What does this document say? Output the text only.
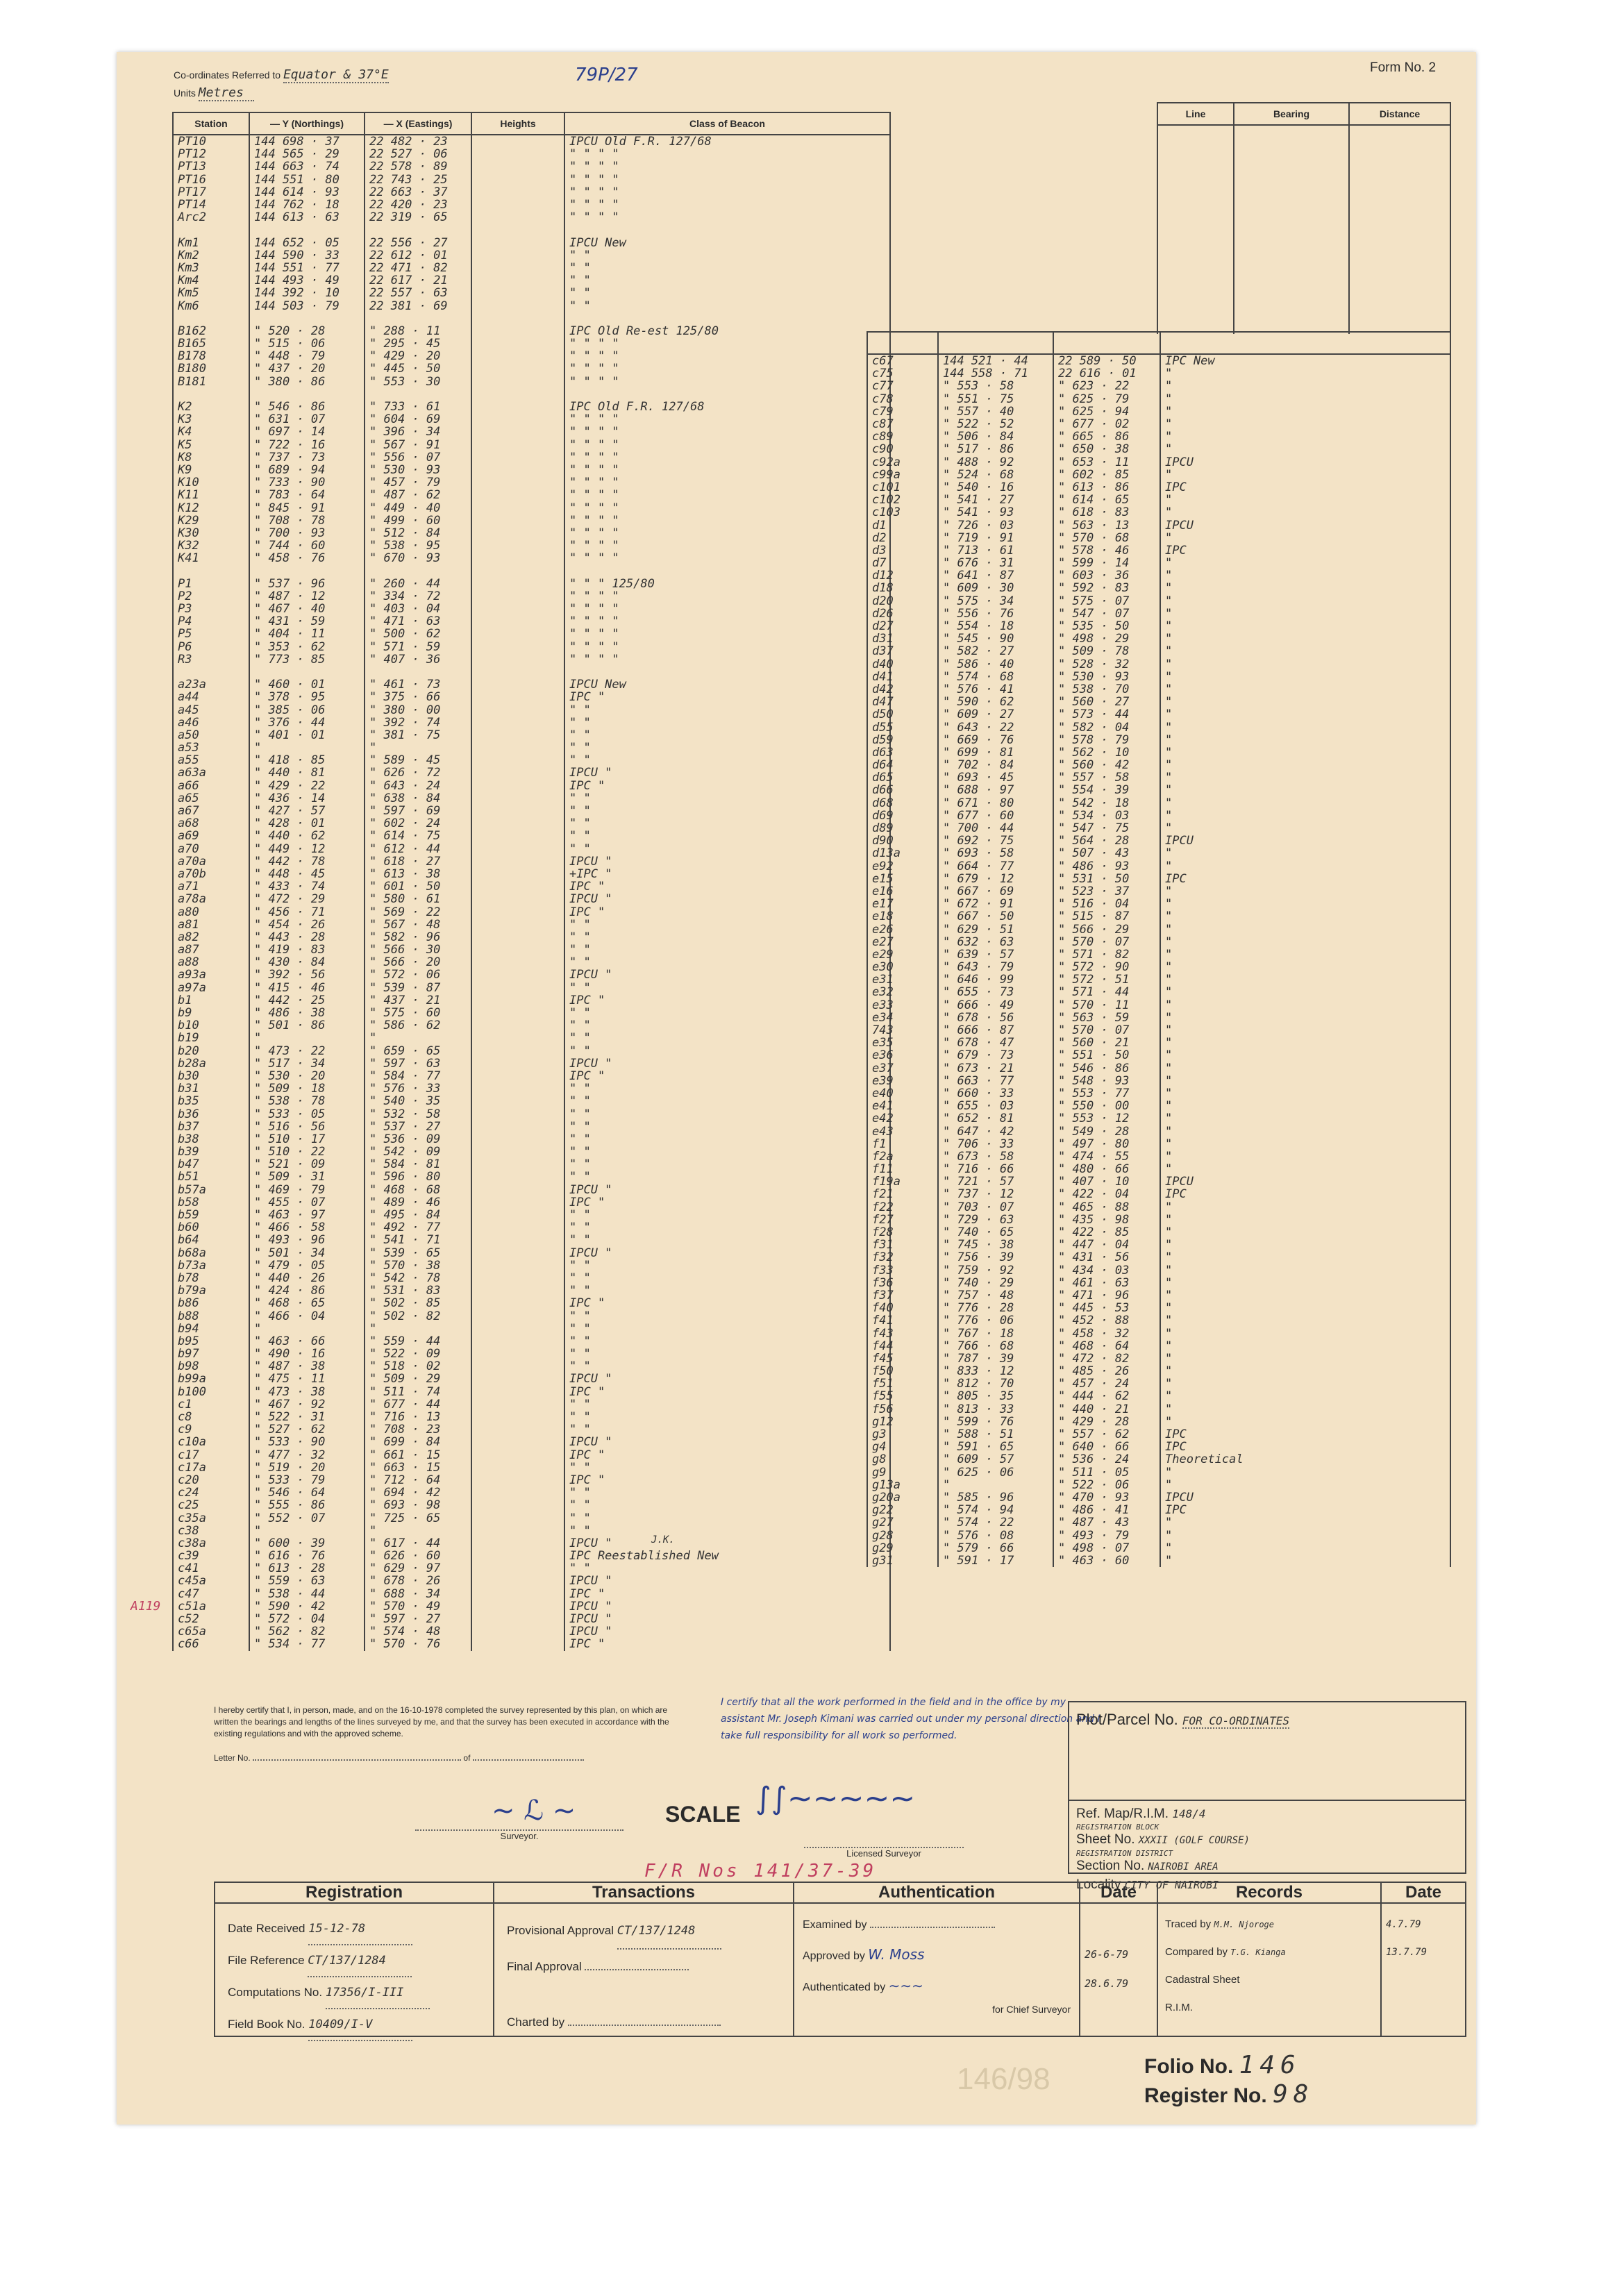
Co-ordinates Referred to Equator & 37°E
Units Metres
79P/27	Form No. 2
Line	Bearing	Distance

Station	— Y (Northings)	— X (Eastings)	Heights	Class of Beacon
PT10	144 698 · 37	22 482 · 23		IPCU Old F.R. 127/68
PT12	144 565 · 29	22 527 · 06		" " " "
PT13	144 663 · 74	22 578 · 89		" " " "
PT16	144 551 · 80	22 743 · 25		" " " "
PT17	144 614 · 93	22 663 · 37		" " " "
PT14	144 762 · 18	22 420 · 23		" " " "
Arc2	144 613 · 63	22 319 · 65		" " " "

Km1	144 652 · 05	22 556 · 27		IPCU New
Km2	144 590 · 33	22 612 · 01		" "
Km3	144 551 · 77	22 471 · 82		" "
Km4	144 493 · 49	22 617 · 21		" "
Km5	144 392 · 10	22 557 · 63		" "
Km6	144 503 · 79	22 381 · 69		" "

B162	" 520 · 28	" 288 · 11		IPC Old Re-est 125/80
B165	" 515 · 06	" 295 · 45		" " " "
B178	" 448 · 79	" 429 · 20		" " " "
B180	" 437 · 20	" 445 · 50		" " " "
B181	" 380 · 86	" 553 · 30		" " " "

K2	" 546 · 86	" 733 · 61		IPC Old F.R. 127/68
K3	" 631 · 07	" 604 · 69		" " " "
K4	" 697 · 14	" 396 · 34		" " " "
K5	" 722 · 16	" 567 · 91		" " " "
K8	" 737 · 73	" 556 · 07		" " " "
K9	" 689 · 94	" 530 · 93		" " " "
K10	" 733 · 90	" 457 · 79		" " " "
K11	" 783 · 64	" 487 · 62		" " " "
K12	" 845 · 91	" 449 · 40		" " " "
K29	" 708 · 78	" 499 · 60		" " " "
K30	" 700 · 93	" 512 · 84		" " " "
K32	" 744 · 60	" 538 · 95		" " " "
K41	" 458 · 76	" 670 · 93		" " " "

P1	" 537 · 96	" 260 · 44		" " " 125/80
P2	" 487 · 12	" 334 · 72		" " " "
P3	" 467 · 40	" 403 · 04		" " " "
P4	" 431 · 59	" 471 · 63		" " " "
P5	" 404 · 11	" 500 · 62		" " " "
P6	" 353 · 62	" 571 · 59		" " " "
R3	" 773 · 85	" 407 · 36		" " " "

a23a	" 460 · 01	" 461 · 73		IPCU New
a44	" 378 · 95	" 375 · 66		IPC "
a45	" 385 · 06	" 380 · 00		" "
a46	" 376 · 44	" 392 · 74		" "
a50	" 401 · 01	" 381 · 75		" "
a53	"	"		" "
a55	" 418 · 85	" 589 · 45		" "
a63a	" 440 · 81	" 626 · 72		IPCU "
a66	" 429 · 22	" 643 · 24		IPC "
a65	" 436 · 14	" 638 · 84		" "
a67	" 427 · 57	" 597 · 69		" "
a68	" 428 · 01	" 602 · 24		" "
a69	" 440 · 62	" 614 · 75		" "
a70	" 449 · 12	" 612 · 44		" "
a70a	" 442 · 78	" 618 · 27		IPCU "
a70b	" 448 · 45	" 613 · 38		+IPC "
a71	" 433 · 74	" 601 · 50		IPC "
a78a	" 472 · 29	" 580 · 61		IPCU "
a80	" 456 · 71	" 569 · 22		IPC "
a81	" 454 · 26	" 567 · 48		" "
a82	" 443 · 28	" 582 · 96		" "
a87	" 419 · 83	" 566 · 30		" "
a88	" 430 · 84	" 566 · 20		" "
a93a	" 392 · 56	" 572 · 06		IPCU "
a97a	" 415 · 46	" 539 · 87		" "
b1	" 442 · 25	" 437 · 21		IPC "
b9	" 486 · 38	" 575 · 60		" "
b10	" 501 · 86	" 586 · 62		" "
b19	"	"		" "
b20	" 473 · 22	" 659 · 65		" "
b28a	" 517 · 34	" 597 · 63		IPCU "
b30	" 530 · 20	" 584 · 77		IPC "
b31	" 509 · 18	" 576 · 33		" "
b35	" 538 · 78	" 540 · 35		" "
b36	" 533 · 05	" 532 · 58		" "
b37	" 516 · 56	" 537 · 27		" "
b38	" 510 · 17	" 536 · 09		" "
b39	" 510 · 22	" 542 · 09		" "
b47	" 521 · 09	" 584 · 81		" "
b51	" 509 · 31	" 596 · 80		" "
b57a	" 469 · 79	" 468 · 68		IPCU "
b58	" 455 · 07	" 489 · 46		IPC "
b59	" 463 · 97	" 495 · 84		" "
b60	" 466 · 58	" 492 · 77		" "
b64	" 493 · 96	" 541 · 71		" "
b68a	" 501 · 34	" 539 · 65		IPCU "
b73a	" 479 · 05	" 570 · 38		" "
b78	" 440 · 26	" 542 · 78		" "
b79a	" 424 · 86	" 531 · 83		" "
b86	" 468 · 65	" 502 · 85		IPC "
b88	" 466 · 04	" 502 · 82		" "
b94	"	"		" "
b95	" 463 · 66	" 559 · 44		" "
b97	" 490 · 16	" 522 · 09		" "
b98	" 487 · 38	" 518 · 02		" "
b99a	" 475 · 11	" 509 · 29		IPCU "
b100	" 473 · 38	" 511 · 74		IPC "
c1	" 467 · 92	" 677 · 44		" "
c8	" 522 · 31	" 716 · 13		" "
c9	" 527 · 62	" 708 · 23		" "
c10a	" 533 · 90	" 699 · 84		IPCU "
c17	" 477 · 32	" 661 · 15		IPC "
c17a	" 519 · 20	" 663 · 15		" "
c20	" 533 · 79	" 712 · 64		IPC "
c24	" 546 · 64	" 694 · 42		" "
c25	" 555 · 86	" 693 · 98		" "
c35a	" 552 · 07	" 725 · 65		" "
c38	"	"		" "
c38a	" 600 · 39	" 617 · 44		IPCU "
c39	" 616 · 76	" 626 · 60		IPC Reestablished New
c41	" 613 · 28	" 629 · 97		" "
c45a	" 559 · 63	" 678 · 26		IPCU "
c47	" 538 · 44	" 688 · 34		IPC "
c51a	" 590 · 42	" 570 · 49		IPCU "
c52	" 572 · 04	" 597 · 27		IPCU "
c65a	" 562 · 82	" 574 · 48		IPCU "
c66	" 534 · 77	" 570 · 76		IPC "

c67	144 521 · 44	22 589 · 50	IPC New
c75	144 558 · 71	22 616 · 01	"
c77	" 553 · 58	" 623 · 22	"
c78	" 551 · 75	" 625 · 79	"
c79	" 557 · 40	" 625 · 94	"
c87	" 522 · 52	" 677 · 02	"
c89	" 506 · 84	" 665 · 86	"
c90	" 517 · 86	" 650 · 38	"
c92a	" 488 · 92	" 653 · 11	IPCU
c99a	" 524 · 68	" 602 · 85	"
c101	" 540 · 16	" 613 · 86	IPC
c102	" 541 · 27	" 614 · 65	"
c103	" 541 · 93	" 618 · 83	"
d1	" 726 · 03	" 563 · 13	IPCU
d2	" 719 · 91	" 570 · 68	"
d3	" 713 · 61	" 578 · 46	IPC
d7	" 676 · 31	" 599 · 14	"
d12	" 641 · 87	" 603 · 36	"
d18	" 609 · 30	" 592 · 83	"
d20	" 575 · 34	" 575 · 07	"
d26	" 556 · 76	" 547 · 07	"
d27	" 554 · 18	" 535 · 50	"
d31	" 545 · 90	" 498 · 29	"
d37	" 582 · 27	" 509 · 78	"
d40	" 586 · 40	" 528 · 32	"
d41	" 574 · 68	" 530 · 93	"
d42	" 576 · 41	" 538 · 70	"
d47	" 590 · 62	" 560 · 27	"
d50	" 609 · 27	" 573 · 44	"
d55	" 643 · 22	" 582 · 04	"
d59	" 669 · 76	" 578 · 79	"
d63	" 699 · 81	" 562 · 10	"
d64	" 702 · 84	" 560 · 42	"
d65	" 693 · 45	" 557 · 58	"
d66	" 688 · 97	" 554 · 39	"
d68	" 671 · 80	" 542 · 18	"
d69	" 677 · 60	" 534 · 03	"
d89	" 700 · 44	" 547 · 75	"
d90	" 692 · 75	" 564 · 28	IPCU
d13a	" 693 · 58	" 507 · 43	"
e92	" 664 · 77	" 486 · 93	"
e15	" 679 · 12	" 531 · 50	IPC
e16	" 667 · 69	" 523 · 37	"
e17	" 672 · 91	" 516 · 04	"
e18	" 667 · 50	" 515 · 87	"
e26	" 629 · 51	" 566 · 29	"
e27	" 632 · 63	" 570 · 07	"
e29	" 639 · 57	" 571 · 82	"
e30	" 643 · 79	" 572 · 90	"
e31	" 646 · 99	" 572 · 51	"
e32	" 655 · 73	" 571 · 44	"
e33	" 666 · 49	" 570 · 11	"
e34	" 678 · 56	" 563 · 59	"
743	" 666 · 87	" 570 · 07	"
e35	" 678 · 47	" 560 · 21	"
e36	" 679 · 73	" 551 · 50	"
e37	" 673 · 21	" 546 · 86	"
e39	" 663 · 77	" 548 · 93	"
e40	" 660 · 33	" 553 · 77	"
e41	" 655 · 03	" 550 · 00	"
e42	" 652 · 81	" 553 · 12	"
e43	" 647 · 42	" 549 · 28	"
f1	" 706 · 33	" 497 · 80	"
f2a	" 673 · 58	" 474 · 55	"
f11	" 716 · 66	" 480 · 66	"
f19a	" 721 · 57	" 407 · 10	IPCU
f21	" 737 · 12	" 422 · 04	IPC
f22	" 703 · 07	" 465 · 88	"
f27	" 729 · 63	" 435 · 98	"
f28	" 740 · 65	" 422 · 85	"
f31	" 745 · 38	" 447 · 04	"
f32	" 756 · 39	" 431 · 56	"
f33	" 759 · 92	" 434 · 03	"
f36	" 740 · 29	" 461 · 63	"
f37	" 757 · 48	" 471 · 96	"
f40	" 776 · 28	" 445 · 53	"
f41	" 776 · 06	" 452 · 88	"
f43	" 767 · 18	" 458 · 32	"
f44	" 766 · 68	" 468 · 64	"
f45	" 787 · 39	" 472 · 82	"
f50	" 833 · 12	" 485 · 26	"
f51	" 812 · 70	" 457 · 24	"
f55	" 805 · 35	" 444 · 62	"
f56	" 813 · 33	" 440 · 21	"
g12	" 599 · 76	" 429 · 28	"
g3	" 588 · 51	" 557 · 62	IPC
g4	" 591 · 65	" 640 · 66	IPC
g8	" 609 · 57	" 536 · 24	Theoretical
g9	" 625 · 06	" 511 · 05	"
g13a	"	" 522 · 06	"
g20a	" 585 · 96	" 470 · 93	IPCU
g22	" 574 · 94	" 486 · 41	IPC
g27	" 574 · 22	" 487 · 43	"
g28	" 576 · 08	" 493 · 79	"
g29	" 579 · 66	" 498 · 07	"
g31	" 591 · 17	" 463 · 60	"
A119
I hereby certify that I, in person, made, and on the 16-10-1978 completed the survey represented by this plan, on which are written the bearings and lengths of the lines surveyed by me, and that the survey has been executed in accordance with the existing regulations and with the approved scheme.
Letter No.	of
Surveyor.
~ ℒ ~
I certify that all the work performed in the field and in the office by my assistant Mr. Joseph Kimani was carried out under my personal direction and I take full responsibility for all work so performed.
SCALE ∫∫∼∼∼∼∼
Licensed Surveyor
F/R Nos 141/37-39
Plot/Parcel No. FOR CO-ORDINATES
Ref. Map/R.I.M. 148/4
REGISTRATION BLOCK
Sheet No. XXXII (GOLF COURSE)
REGISTRATION DISTRICT
Section No. NAIROBI AREA
Locality CITY OF NAIROBI
Registration
Date Received 15-12-78
File Reference CT/137/1284
Computations No. 17356/I-III
Field Book No. 10409/I-V
Transactions
Provisional Approval CT/137/1248
Final Approval
Charted by
Authentication
Examined by
Approved by W. Moss
Authenticated by ∼∼∼
for Chief Surveyor
Date

26-6-79
28.6.79
Records
Traced by M.M. Njoroge
Compared by T.G. Kianga
Cadastral Sheet
R.I.M.
Date
4.7.79
13.7.79
Folio No. 146
Register No. 98
146/98
J.K.
